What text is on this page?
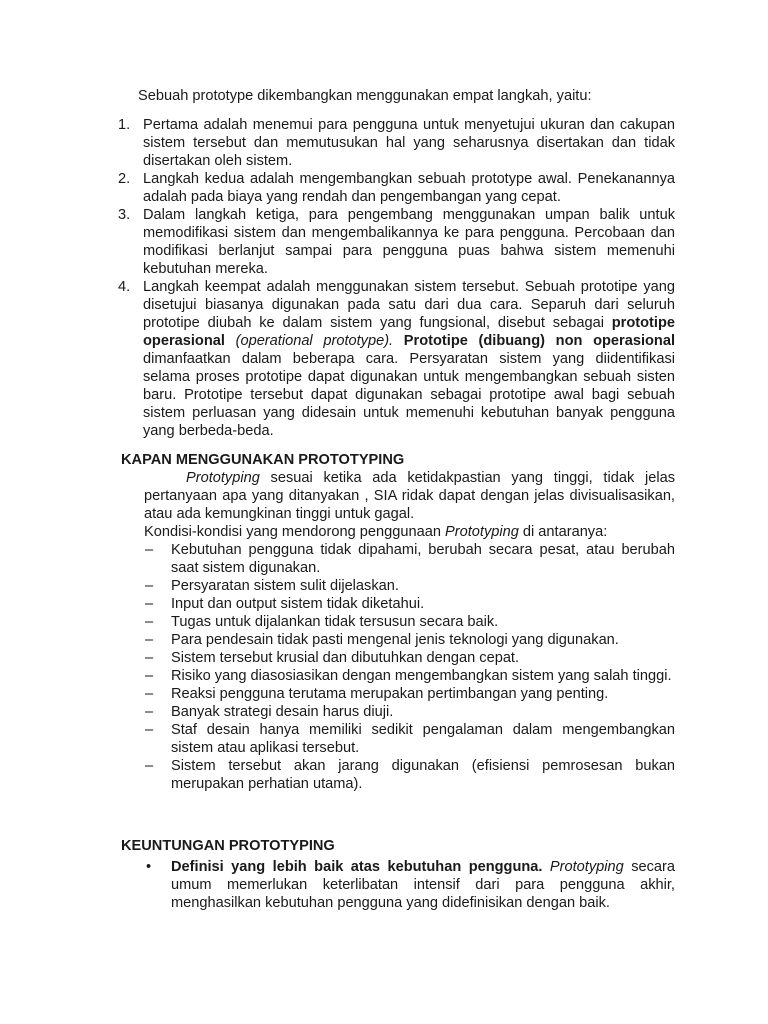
Sebuah prototype dikembangkan menggunakan empat langkah, yaitu:

1. Pertama adalah menemui para pengguna untuk menyetujui ukuran dan cakupan sistem tersebut dan memutusukan hal yang seharusnya disertakan dan tidak disertakan oleh sistem.
2. Langkah kedua adalah mengembangkan sebuah prototype awal. Penekanannya adalah pada biaya yang rendah dan pengembangan yang cepat.
3. Dalam langkah ketiga, para pengembang menggunakan umpan balik untuk memodifikasi sistem dan mengembalikannya ke para pengguna. Percobaan dan modifikasi berlanjut sampai para pengguna puas bahwa sistem memenuhi kebutuhan mereka.
4. Langkah keempat adalah menggunakan sistem tersebut. Sebuah prototipe yang disetujui biasanya digunakan pada satu dari dua cara. Separuh dari seluruh prototipe diubah ke dalam sistem yang fungsional, disebut sebagai prototipe operasional (operational prototype). Prototipe (dibuang) non operasional dimanfaatkan dalam beberapa cara. Persyaratan sistem yang diidentifikasi selama proses prototipe dapat digunakan untuk mengembangkan sebuah sisten baru. Prototipe tersebut dapat digunakan sebagai prototipe awal bagi sebuah sistem perluasan yang didesain untuk memenuhi kebutuhan banyak pengguna yang berbeda-beda.
KAPAN MENGGUNAKAN PROTOTYPING

Prototyping sesuai ketika ada ketidakpastian yang tinggi, tidak jelas pertanyaan apa yang ditanyakan , SIA ridak dapat dengan jelas divisualisasikan, atau ada kemungkinan tinggi untuk gagal.

Kondisi-kondisi yang mendorong penggunaan Prototyping di antaranya:

– Kebutuhan pengguna tidak dipahami, berubah secara pesat, atau berubah saat sistem digunakan.
– Persyaratan sistem sulit dijelaskan.
– Input dan output sistem tidak diketahui.
– Tugas untuk dijalankan tidak tersusun secara baik.
– Para pendesain tidak pasti mengenal jenis teknologi yang digunakan.
– Sistem tersebut krusial dan dibutuhkan dengan cepat.
– Risiko yang diasosiasikan dengan mengembangkan sistem yang salah tinggi.
– Reaksi pengguna terutama merupakan pertimbangan yang penting.
– Banyak strategi desain harus diuji.
– Staf desain hanya memiliki sedikit pengalaman dalam mengembangkan sistem atau aplikasi tersebut.
– Sistem tersebut akan jarang digunakan (efisiensi pemrosesan bukan merupakan perhatian utama).
KEUNTUNGAN PROTOTYPING
• Definisi yang lebih baik atas kebutuhan pengguna. Prototyping secara umum memerlukan keterlibatan intensif dari para pengguna akhir, menghasilkan kebutuhan pengguna yang didefinisikan dengan baik.
